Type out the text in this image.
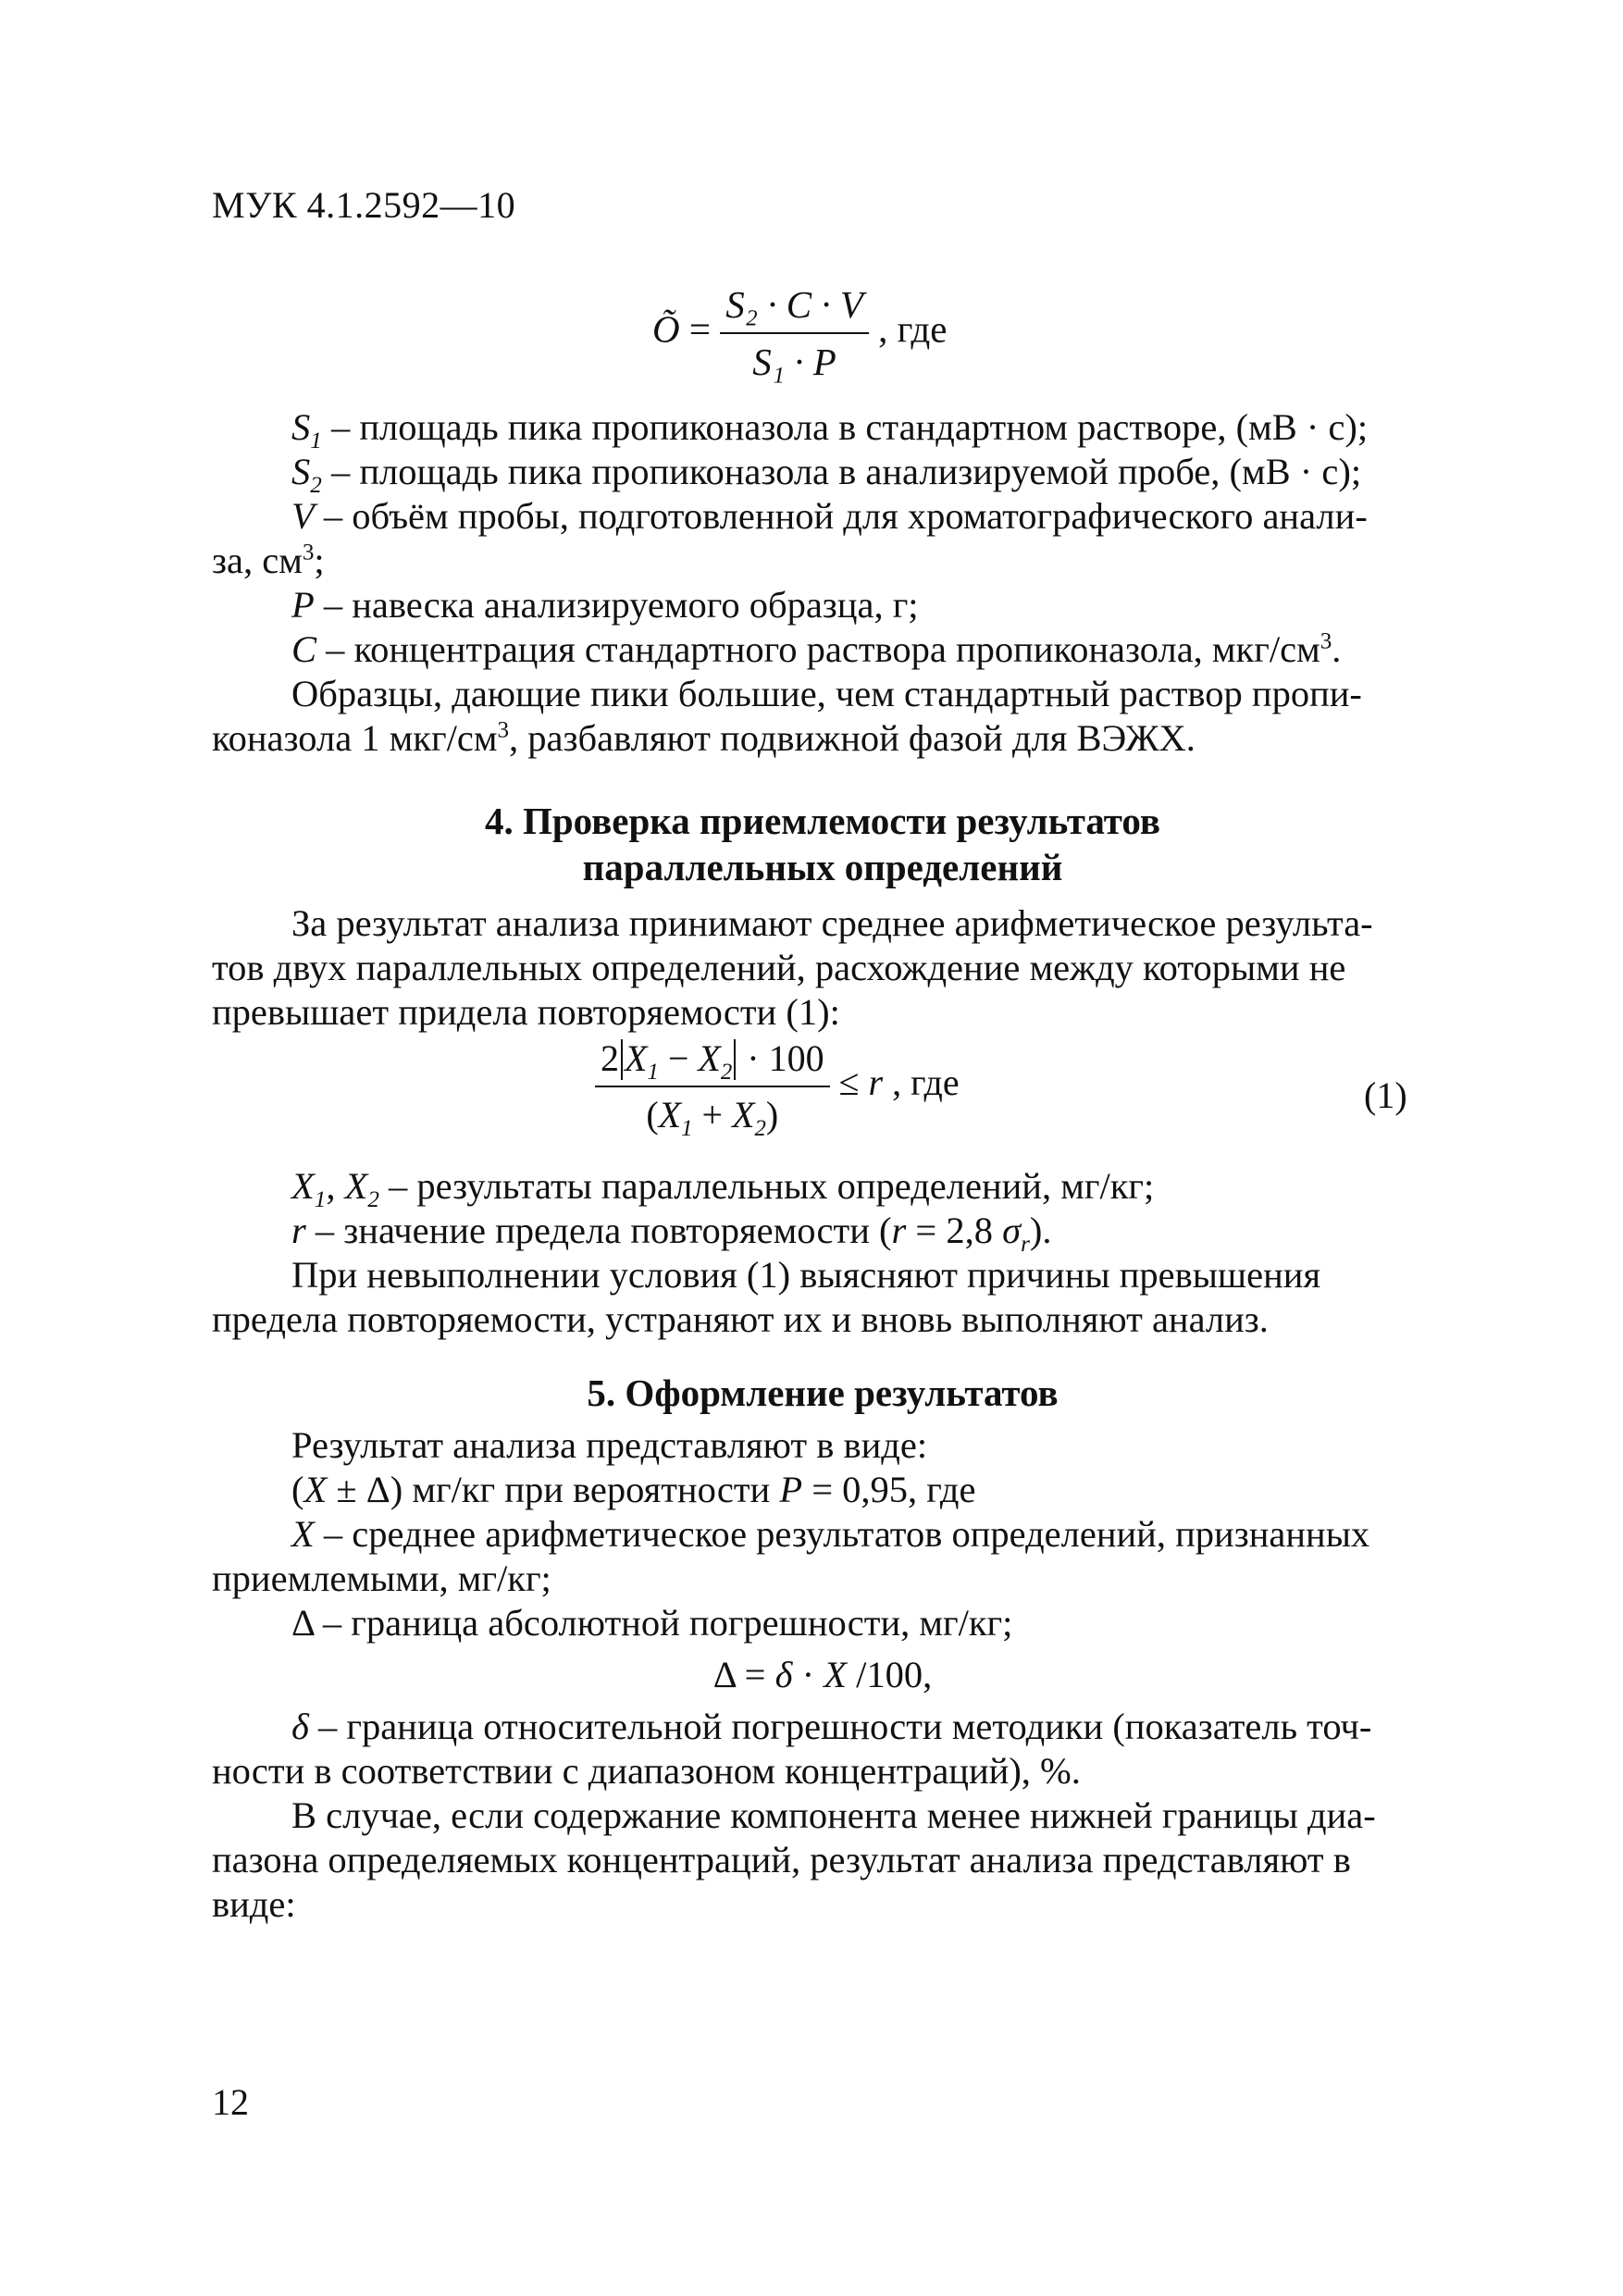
МУК 4.1.2592—10
Õ = $\frac{\text{S₂ · C · V}}{\text{S₁ · P}}$ , где

$S_1$ – площадь пика пропиконазола в стандартном растворе, (мВ · с);

$S_2$ – площадь пика пропиконазола в анализируемой пробе, (мВ · с);

V – объём пробы, подготовленной для хроматографического анали-

за, $см^3$;

P – навеска анализируемого образца, г;

C – концентрация стандартного раствора пропиконазола, мкг/$см^3$.

Образцы, дающие пики большие, чем стандартный раствор пропи-

коназола 1 мкг/$см^3$, разбавляют подвижной фазой для ВЭЖХ.

4. Проверка приемлемости результатов

параллельных определений

За результат анализа принимают среднее арифметическое результа-

тов двух параллельных определений, расхождение между которыми не

превышает придела повторяемости (1):

$\frac{2 X_1 - X_2 \cdot 100}{(X_1 + X_2)} \le r$ , где	(1)

$X_1$, $X_2$ – результаты параллельных определений, мг/кг;

r – значение предела повторяемости (r = 2,8 $\sigma_r$).

При невыполнении условия (1) выясняют причины превышения

предела повторяемости, устраняют их и вновь выполняют анализ.

5. Оформление результатов

Результат анализа представляют в виде:

(X ± Δ) мг/кг при вероятности P = 0,95, где

X – среднее арифметическое результатов определений, признанных

приемлемыми, мг/кг;

Δ – граница абсолютной погрешности, мг/кг;

Δ = δ · X /100,

δ – граница относительной погрешности методики (показатель точ-

ности в соответствии с диапазоном концентраций), %.

В случае, если содержание компонента менее нижней границы диа-

пазона определяемых концентраций, результат анализа представляют в

виде:

12
